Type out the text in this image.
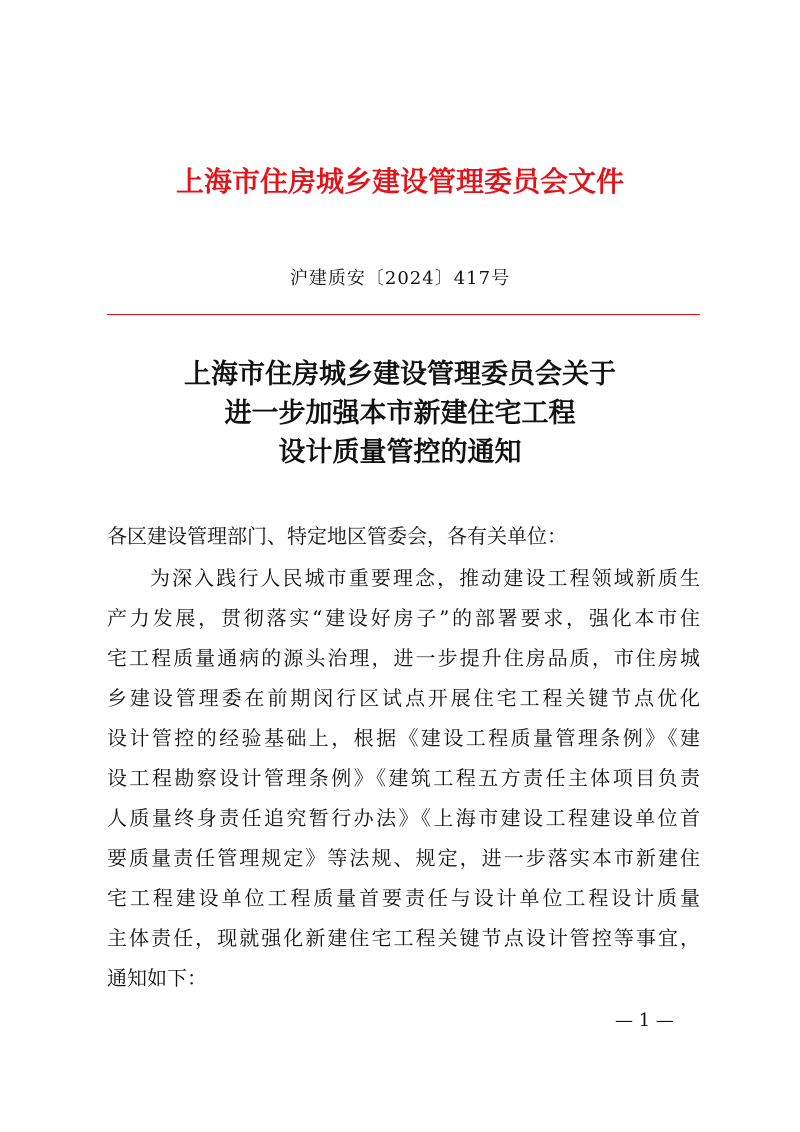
上海市住房城乡建设管理委员会文件
沪建质安〔2024〕417号
上海市住房城乡建设管理委员会关于
进一步加强本市新建住宅工程
设计质量管控的通知
各区建设管理部门、特定地区管委会，各有关单位：
为深入践行人民城市重要理念，推动建设工程领域新质生
产力发展，贯彻落实“建设好房子”的部署要求，强化本市住
宅工程质量通病的源头治理，进一步提升住房品质，市住房城
乡建设管理委在前期闵行区试点开展住宅工程关键节点优化
设计管控的经验基础上，根据《建设工程质量管理条例》《建
设工程勘察设计管理条例》《建筑工程五方责任主体项目负责
人质量终身责任追究暂行办法》《上海市建设工程建设单位首
要质量责任管理规定》等法规、规定，进一步落实本市新建住
宅工程建设单位工程质量首要责任与设计单位工程设计质量
主体责任，现就强化新建住宅工程关键节点设计管控等事宜，
通知如下：
— 1 —
